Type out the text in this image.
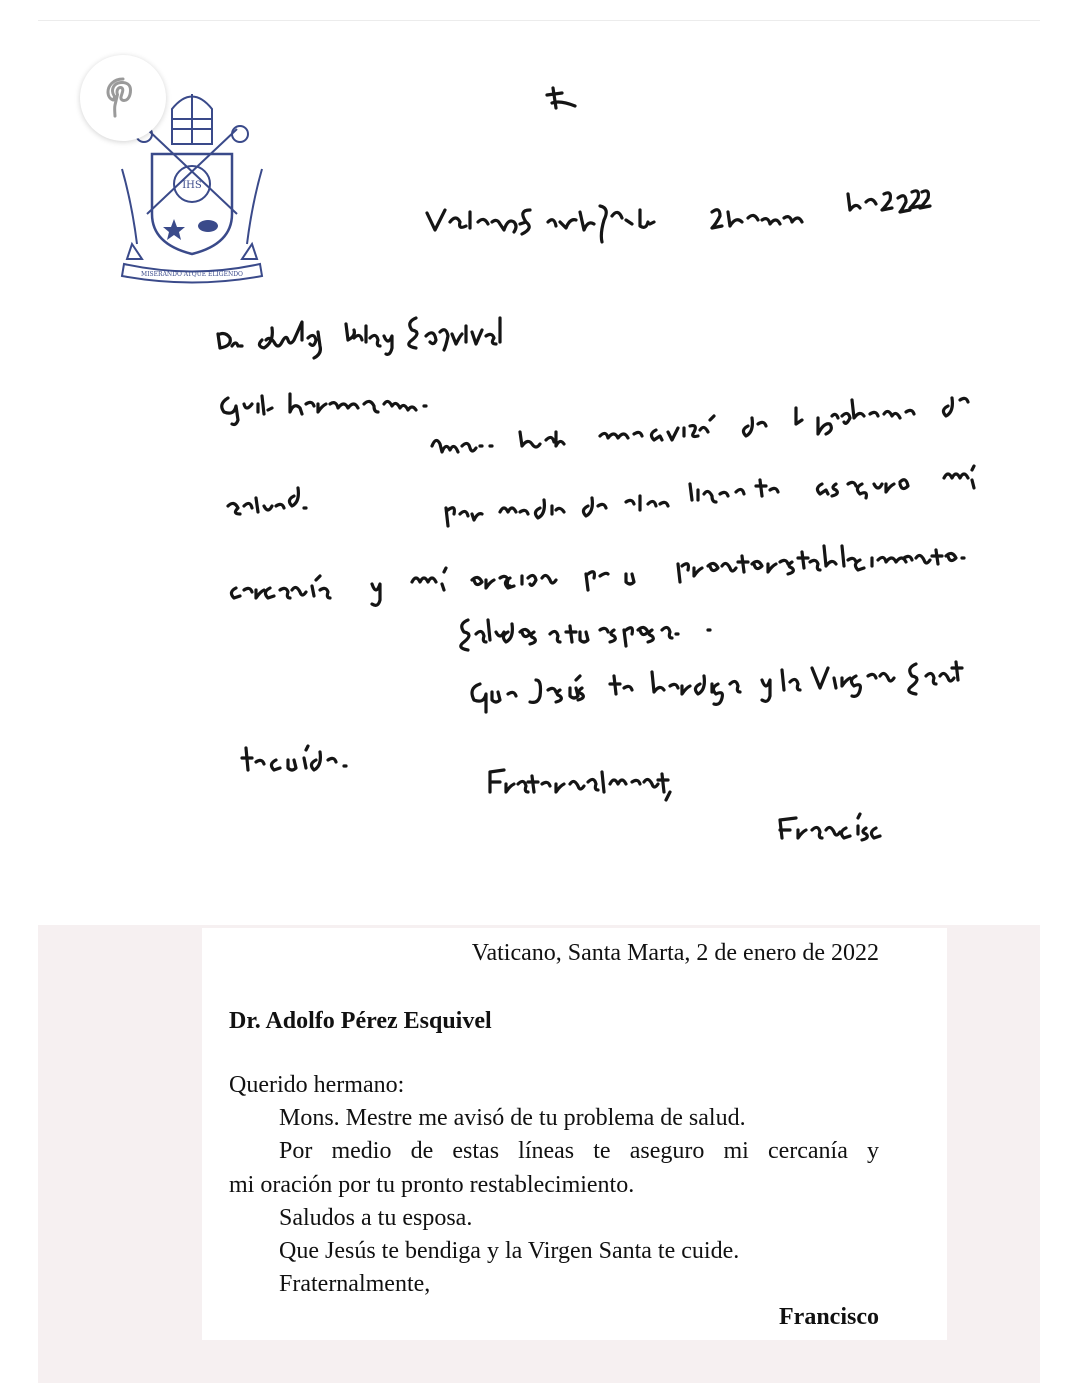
IHS
MISERANDO ATQUE ELIGENDO
Vaticano, Santa Marta, 2 de enero de 2022
Dr. Adolfo Pérez Esquivel
Querido hermano:
Mons. Mestre me avisó de tu problema de salud.
Por medio de estas líneas te aseguro mi cercanía y
mi oración por tu pronto restablecimiento.
Saludos a tu esposa.
Que Jesús te bendiga y la Virgen Santa te cuide.
Fraternalmente,
Francisco
